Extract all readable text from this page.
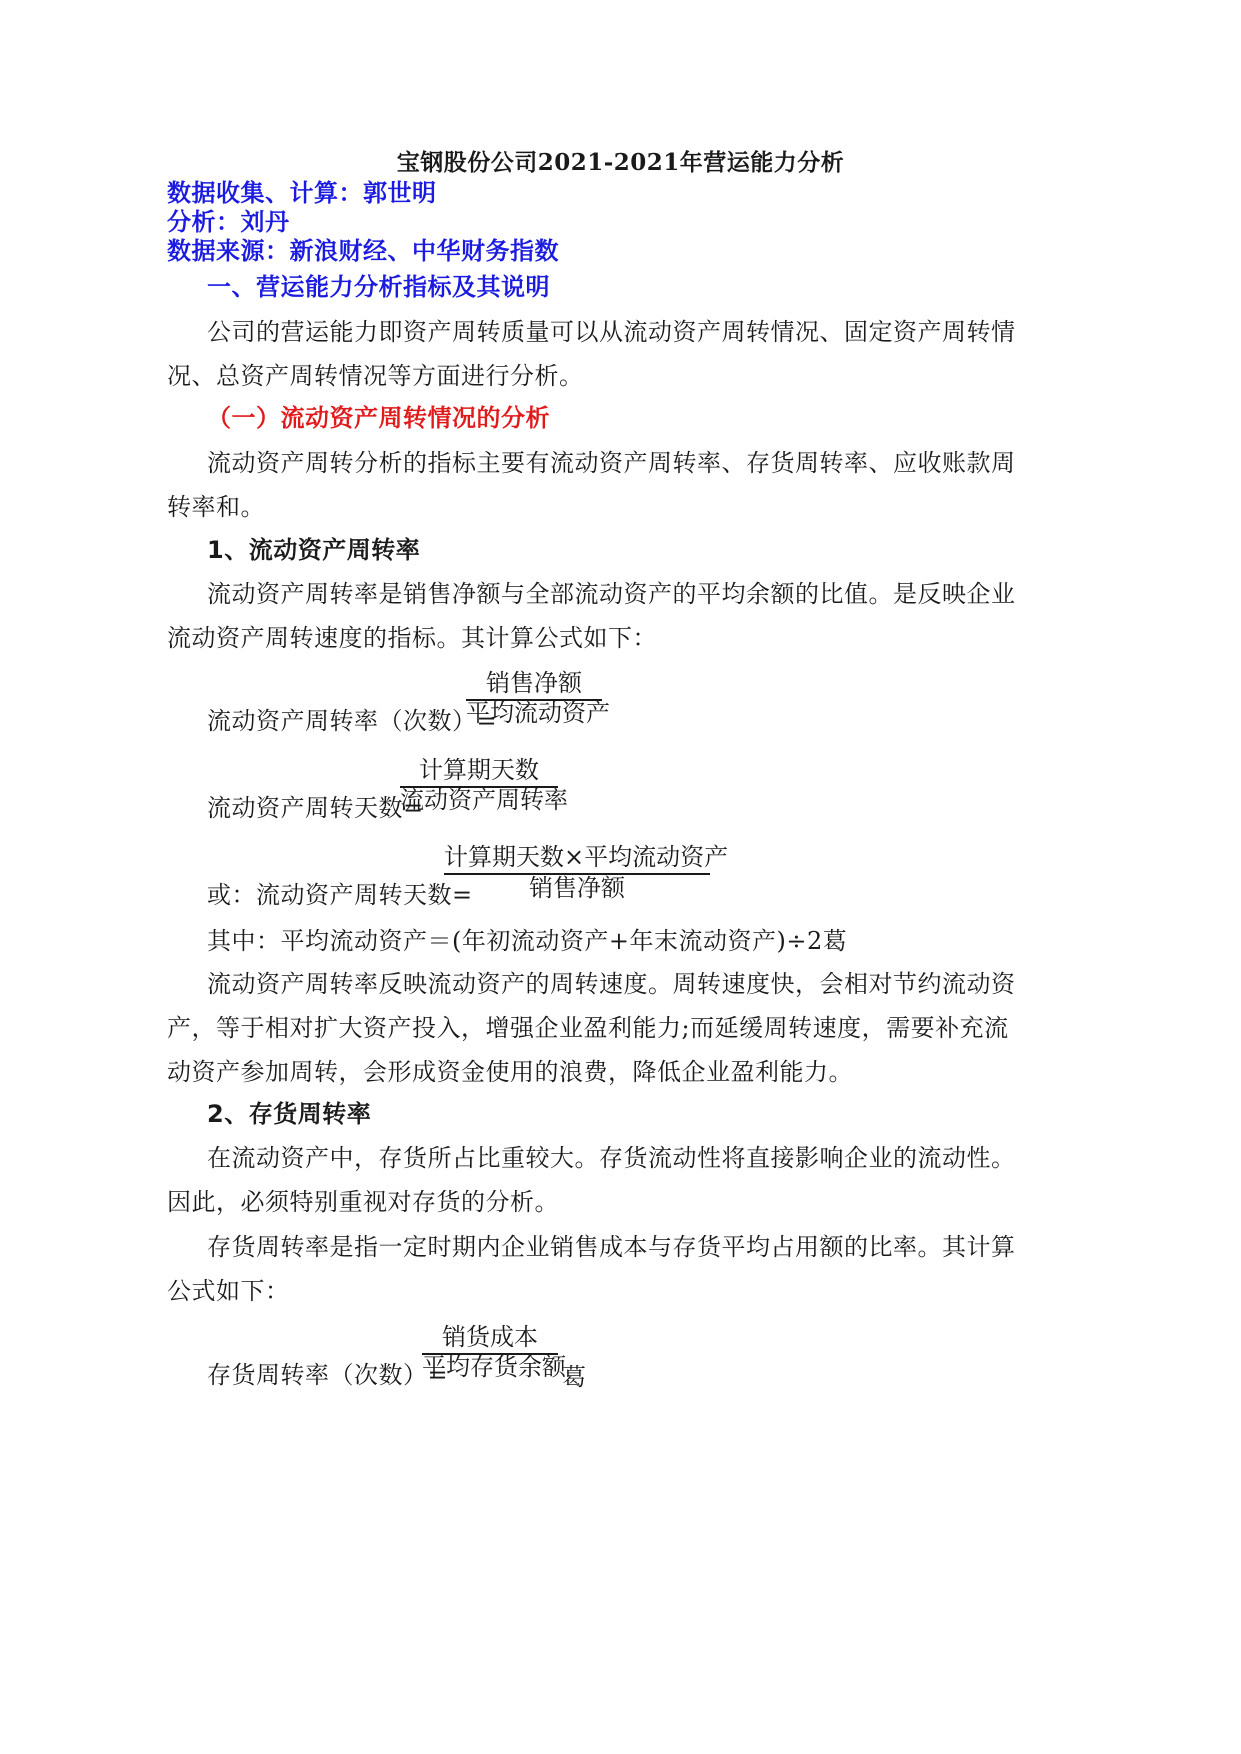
宝钢股份公司2021-2021年营运能力分析
数据收集、计算：郭世明
分析：刘丹
数据来源：新浪财经、中华财务指数
一、营运能力分析指标及其说明
公司的营运能力即资产周转质量可以从流动资产周转情况、固定资产周转情
况、总资产周转情况等方面进行分析。
（一）流动资产周转情况的分析
流动资产周转分析的指标主要有流动资产周转率、存货周转率、应收账款周
转率和。
1、流动资产周转率
流动资产周转率是销售净额与全部流动资产的平均余额的比值。是反映企业
流动资产周转速度的指标。其计算公式如下：
流动资产周转率（次数）=
销售净额
平均流动资产
流动资产周转天数=
计算期天数
流动资产周转率
或：流动资产周转天数=
计算期天数×平均流动资产
销售净额
其中：平均流动资产＝(年初流动资产+年末流动资产)÷2葛
流动资产周转率反映流动资产的周转速度。周转速度快，会相对节约流动资
产，等于相对扩大资产投入，增强企业盈利能力;而延缓周转速度，需要补充流
动资产参加周转，会形成资金使用的浪费，降低企业盈利能力。
2、存货周转率
在流动资产中，存货所占比重较大。存货流动性将直接影响企业的流动性。
因此，必须特别重视对存货的分析。
存货周转率是指一定时期内企业销售成本与存货平均占用额的比率。其计算
公式如下：
存货周转率（次数）=
销货成本
平均存货余额
葛
